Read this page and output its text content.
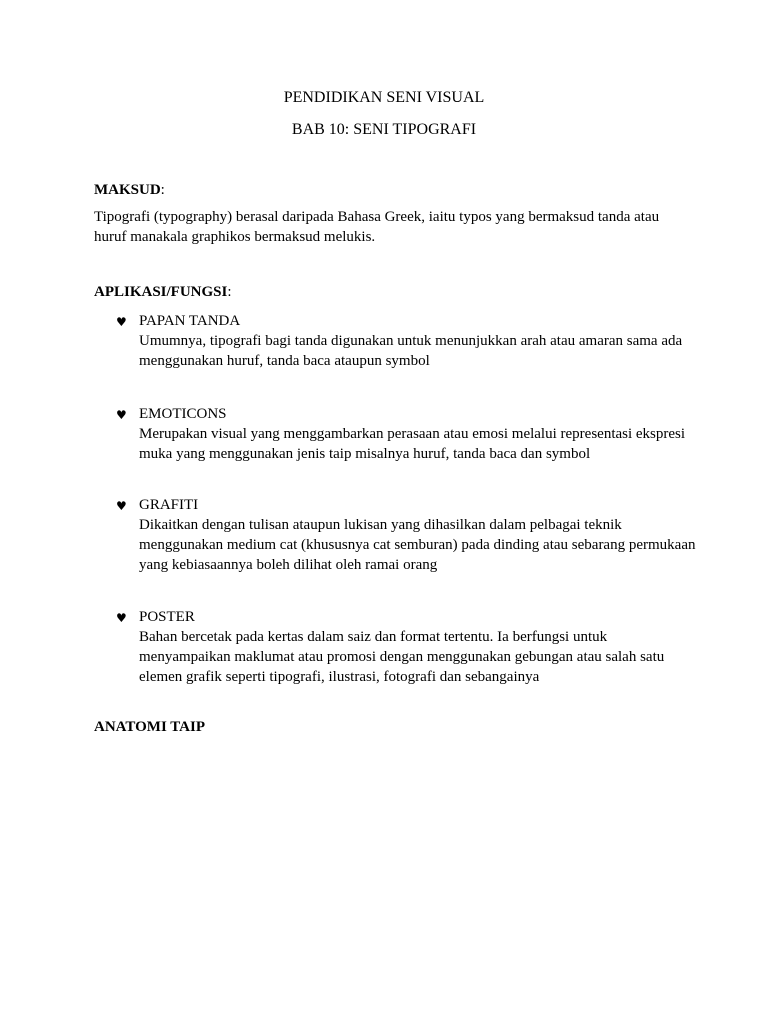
PENDIDIKAN SENI VISUAL
BAB 10: SENI TIPOGRAFI
MAKSUD:

Tipografi (typography) berasal daripada Bahasa Greek, iaitu typos yang bermaksud tanda atau huruf manakala graphikos bermaksud melukis.

APLIKASI/FUNGSI:
♥ PAPAN TANDA
Umumnya, tipografi bagi tanda digunakan untuk menunjukkan arah atau amaran sama ada menggunakan huruf, tanda baca ataupun symbol
♥ EMOTICONS
Merupakan visual yang menggambarkan perasaan atau emosi melalui representasi ekspresi muka yang menggunakan jenis taip misalnya huruf, tanda baca dan symbol
♥ GRAFITI
Dikaitkan dengan tulisan ataupun lukisan yang dihasilkan dalam pelbagai teknik menggunakan medium cat (khususnya cat semburan) pada dinding atau sebarang permukaan yang kebiasaannya boleh dilihat oleh ramai orang
♥ POSTER
Bahan bercetak pada kertas dalam saiz dan format tertentu. Ia berfungsi untuk menyampaikan maklumat atau promosi dengan menggunakan gebungan atau salah satu elemen grafik seperti tipografi, ilustrasi, fotografi dan sebangainya
ANATOMI TAIP
